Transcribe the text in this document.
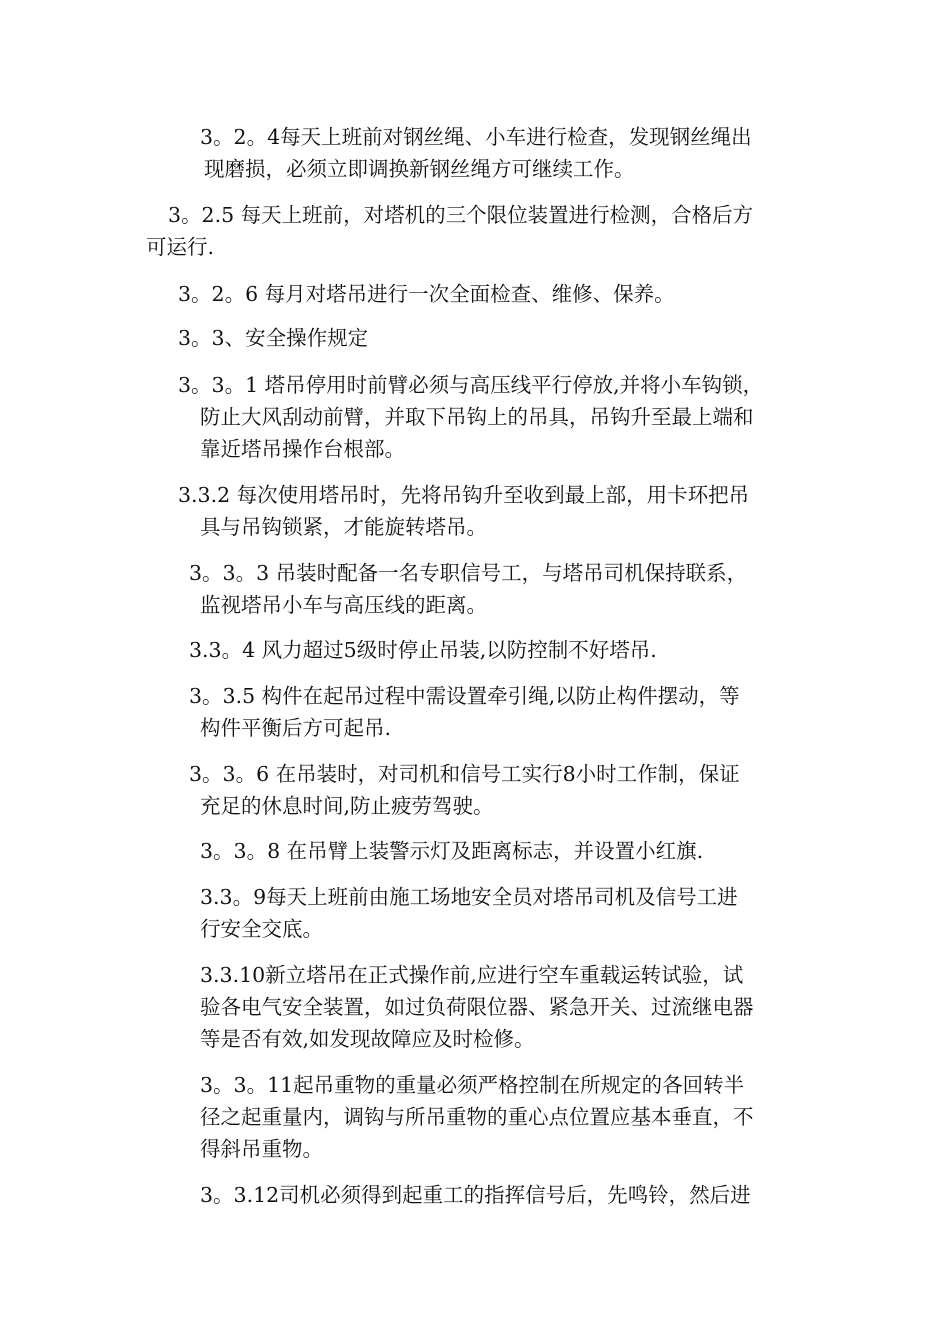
3。2。4每天上班前对钢丝绳、小车进行检查，发现钢丝绳出
现磨损，必须立即调换新钢丝绳方可继续工作。
3。2.5 每天上班前，对塔机的三个限位装置进行检测，合格后方
可运行.
3。2。6 每月对塔吊进行一次全面检查、维修、保养。
3。3、安全操作规定
3。3。1 塔吊停用时前臂必须与高压线平行停放,并将小车钩锁，
防止大风刮动前臂，并取下吊钩上的吊具，吊钩升至最上端和
靠近塔吊操作台根部。
3.3.2 每次使用塔吊时，先将吊钩升至收到最上部，用卡环把吊
具与吊钩锁紧，才能旋转塔吊。
3。3。3 吊装时配备一名专职信号工，与塔吊司机保持联系，
监视塔吊小车与高压线的距离。
3.3。4 风力超过5级时停止吊装,以防控制不好塔吊.
3。3.5 构件在起吊过程中需设置牵引绳,以防止构件摆动，等
构件平衡后方可起吊.
3。3。6 在吊装时，对司机和信号工实行8小时工作制，保证
充足的休息时间,防止疲劳驾驶。
3。3。8 在吊臂上装警示灯及距离标志，并设置小红旗.
3.3。9每天上班前由施工场地安全员对塔吊司机及信号工进
行安全交底。
3.3.10新立塔吊在正式操作前,应进行空车重载运转试验，试
验各电气安全装置，如过负荷限位器、紧急开关、过流继电器
等是否有效,如发现故障应及时检修。
3。3。11起吊重物的重量必须严格控制在所规定的各回转半
径之起重量内，调钩与所吊重物的重心点位置应基本垂直，不
得斜吊重物。
3。3.12司机必须得到起重工的指挥信号后，先鸣铃，然后进
